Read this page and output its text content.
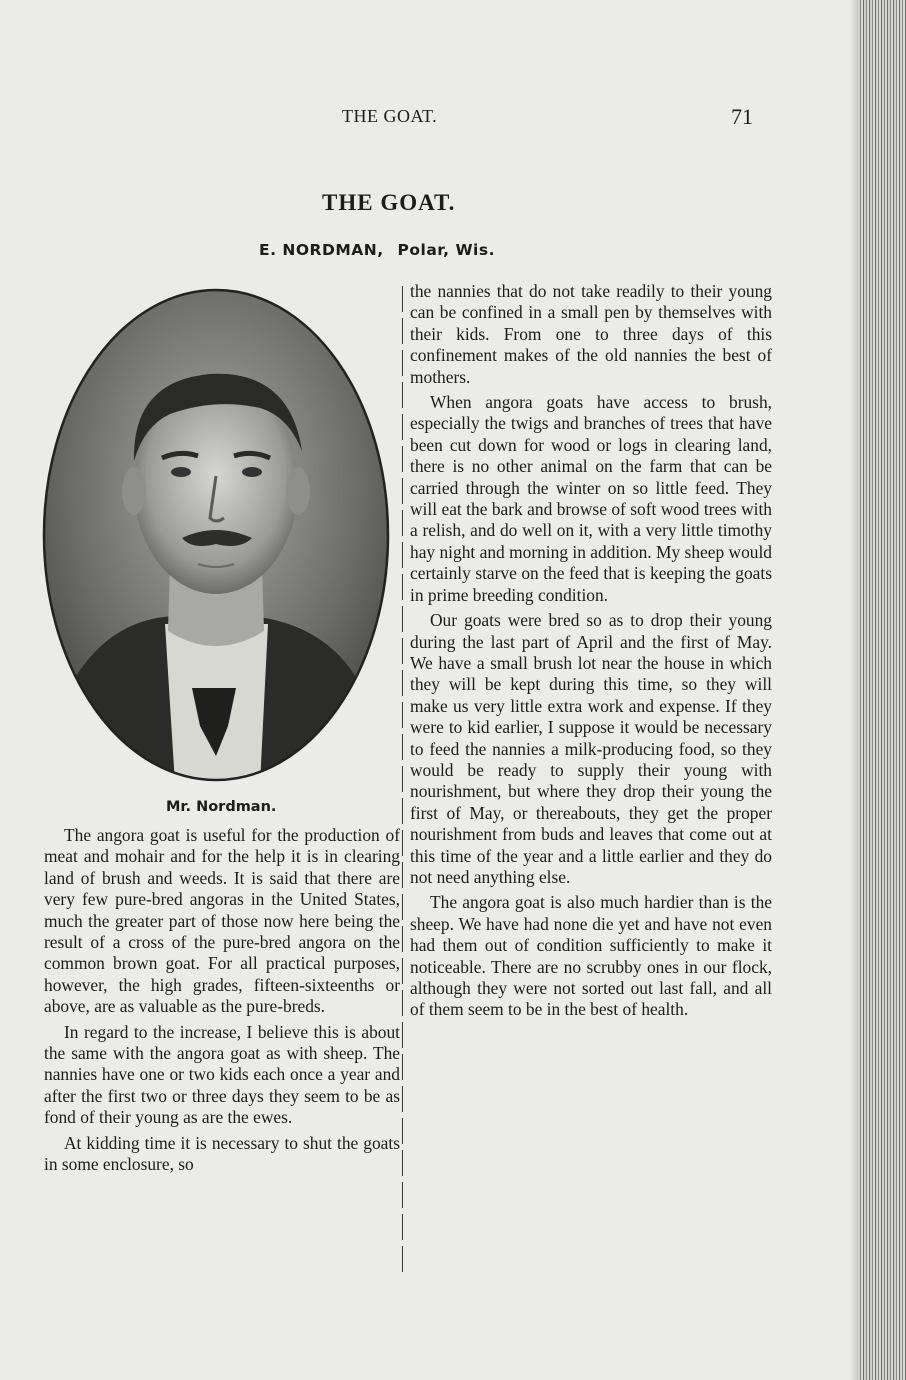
THE GOAT.	71
THE GOAT.
E. NORDMAN, Polar, Wis.
Mr. Nordman.

The angora goat is useful for the production of meat and mohair and for the help it is in clearing land of brush and weeds. It is said that there are very few pure-bred angoras in the United States, much the greater part of those now here being the result of a cross of the pure-bred angora on the common brown goat. For all practical purposes, however, the high grades, fifteen-sixteenths or above, are as valuable as the pure-breds.

In regard to the increase, I believe this is about the same with the angora goat as with sheep. The nannies have one or two kids each once a year and after the first two or three days they seem to be as fond of their young as are the ewes.

At kidding time it is necessary to shut the goats in some enclosure, so

the nannies that do not take readily to their young can be confined in a small pen by themselves with their kids. From one to three days of this confinement makes of the old nannies the best of mothers.

When angora goats have access to brush, especially the twigs and branches of trees that have been cut down for wood or logs in clearing land, there is no other animal on the farm that can be carried through the winter on so little feed. They will eat the bark and browse of soft wood trees with a relish, and do well on it, with a very little timothy hay night and morning in addition. My sheep would certainly starve on the feed that is keeping the goats in prime breeding condition.

Our goats were bred so as to drop their young during the last part of April and the first of May. We have a small brush lot near the house in which they will be kept during this time, so they will make us very little extra work and expense. If they were to kid earlier, I suppose it would be necessary to feed the nannies a milk-producing food, so they would be ready to supply their young with nourishment, but where they drop their young the first of May, or thereabouts, they get the proper nourishment from buds and leaves that come out at this time of the year and a little earlier and they do not need anything else.

The angora goat is also much hardier than is the sheep. We have had none die yet and have not even had them out of condition sufficiently to make it noticeable. There are no scrubby ones in our flock, although they were not sorted out last fall, and all of them seem to be in the best of health.
